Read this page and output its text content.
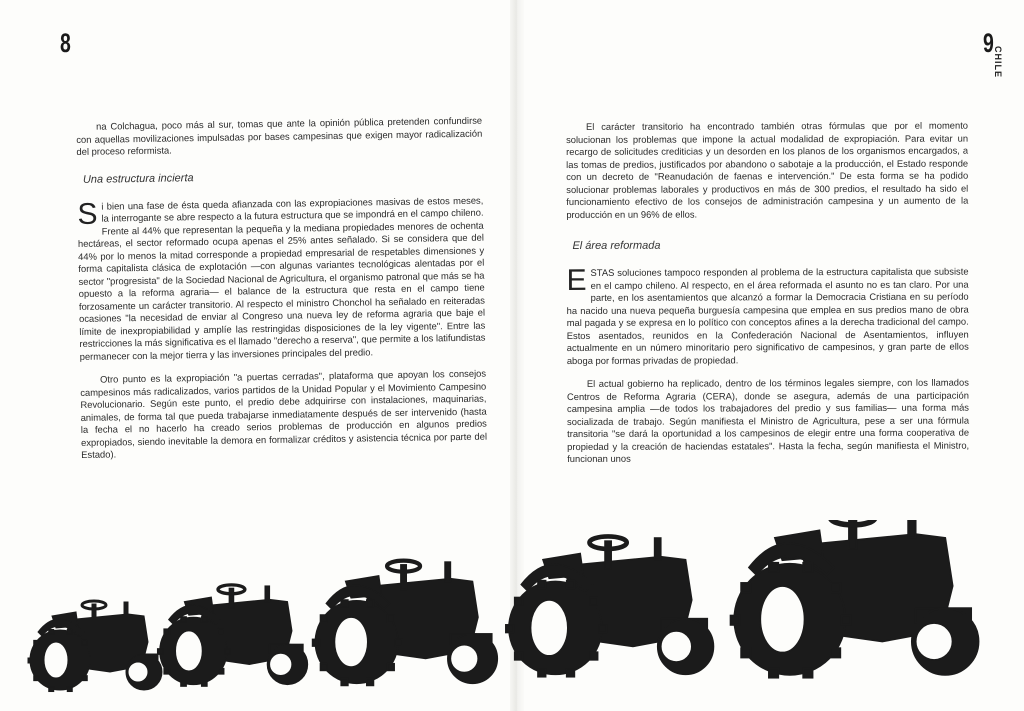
8	9
CHILE

na Colchagua, poco más al sur, tomas que ante la opinión pública pretenden confundirse con aquellas movilizaciones impulsadas por bases campesinas que exigen mayor radicalización del proceso reformista.

Una estructura incierta

Si bien una fase de ésta queda afianzada con las expropiaciones masivas de estos meses, la interrogante se abre respecto a la futura estructura que se impondrá en el campo chileno. Frente al 44% que representan la pequeña y la mediana propiedades menores de ochenta hectáreas, el sector reformado ocupa apenas el 25% antes señalado. Si se considera que del 44% por lo menos la mitad corresponde a propiedad empresarial de respetables dimensiones y forma capitalista clásica de explotación —con algunas variantes tecnológicas alentadas por el sector "progresista" de la Sociedad Nacional de Agricultura, el organismo patronal que más se ha opuesto a la reforma agraria— el balance de la estructura que resta en el campo tiene forzosamente un carácter transitorio. Al respecto el ministro Chonchol ha señalado en reiteradas ocasiones "la necesidad de enviar al Congreso una nueva ley de reforma agraria que baje el límite de inexpropiabilidad y amplíe las restringidas disposiciones de la ley vigente". Entre las restricciones la más significativa es el llamado "derecho a reserva", que permite a los latifundistas permanecer con la mejor tierra y las inversiones principales del predio.

Otro punto es la expropiación "a puertas cerradas", plataforma que apoyan los consejos campesinos más radicalizados, varios partidos de la Unidad Popular y el Movimiento Campesino Revolucionario. Según este punto, el predio debe adquirirse con instalaciones, maquinarias, animales, de forma tal que pueda trabajarse inmediatamente después de ser intervenido (hasta la fecha el no hacerlo ha creado serios problemas de producción en algunos predios expropiados, siendo inevitable la demora en formalizar créditos y asistencia técnica por parte del Estado).

El carácter transitorio ha encontrado también otras fórmulas que por el momento solucionan los problemas que impone la actual modalidad de expropiación. Para evitar un recargo de solicitudes crediticias y un desorden en los planos de los organismos encargados, a las tomas de predios, justificados por abandono o sabotaje a la producción, el Estado responde con un decreto de "Reanudación de faenas e intervención." De esta forma se ha podido solucionar problemas laborales y productivos en más de 300 predios, el resultado ha sido el funcionamiento efectivo de los consejos de administración campesina y un aumento de la producción en un 96% de ellos.

El área reformada

ESTAS soluciones tampoco responden al problema de la estructura capitalista que subsiste en el campo chileno. Al respecto, en el área reformada el asunto no es tan claro. Por una parte, en los asentamientos que alcanzó a formar la Democracia Cristiana en su período ha nacido una nueva pequeña burguesía campesina que emplea en sus predios mano de obra mal pagada y se expresa en lo político con conceptos afines a la derecha tradicional del campo. Estos asentados, reunidos en la Confederación Nacional de Asentamientos, influyen actualmente en un número minoritario pero significativo de campesinos, y gran parte de ellos aboga por formas privadas de propiedad.

El actual gobierno ha replicado, dentro de los términos legales siempre, con los llamados Centros de Reforma Agraria (CERA), donde se asegura, además de una participación campesina amplia —de todos los trabajadores del predio y sus familias— una forma más socializada de trabajo. Según manifiesta el Ministro de Agricultura, pese a ser una fórmula transitoria "se dará la oportunidad a los campesinos de elegir entre una forma cooperativa de propiedad y la creación de haciendas estatales". Hasta la fecha, según manifiesta el Ministro, funcionan unos
